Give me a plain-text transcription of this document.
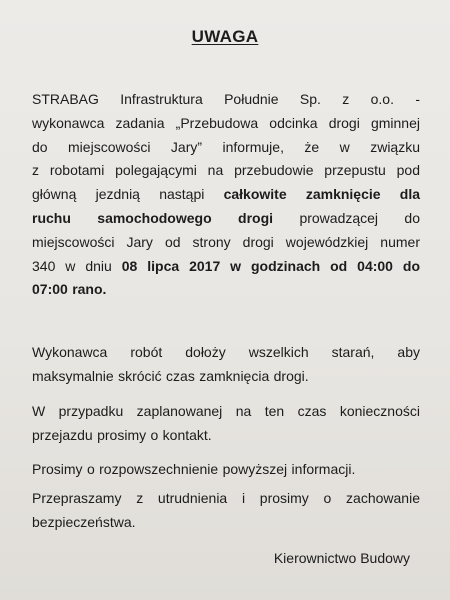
UWAGA
STRABAG Infrastruktura Południe Sp. z o.o. -
wykonawca zadania „Przebudowa odcinka drogi gminnej
do miejscowości Jary” informuje, że w związku
z robotami polegającymi na przebudowie przepustu pod
główną jezdnią nastąpi całkowite zamknięcie dla
ruchu samochodowego drogi prowadzącej do
miejscowości Jary od strony drogi wojewódzkiej numer
340 w dniu 08 lipca 2017 w godzinach od 04:00 do
07:00 rano.
Wykonawca robót dołoży wszelkich starań, aby
maksymalnie skrócić czas zamknięcia drogi.
W przypadku zaplanowanej na ten czas konieczności
przejazdu prosimy o kontakt.
Prosimy o rozpowszechnienie powyższej informacji.
Przepraszamy z utrudnienia i prosimy o zachowanie
bezpieczeństwa.
Kierownictwo Budowy
